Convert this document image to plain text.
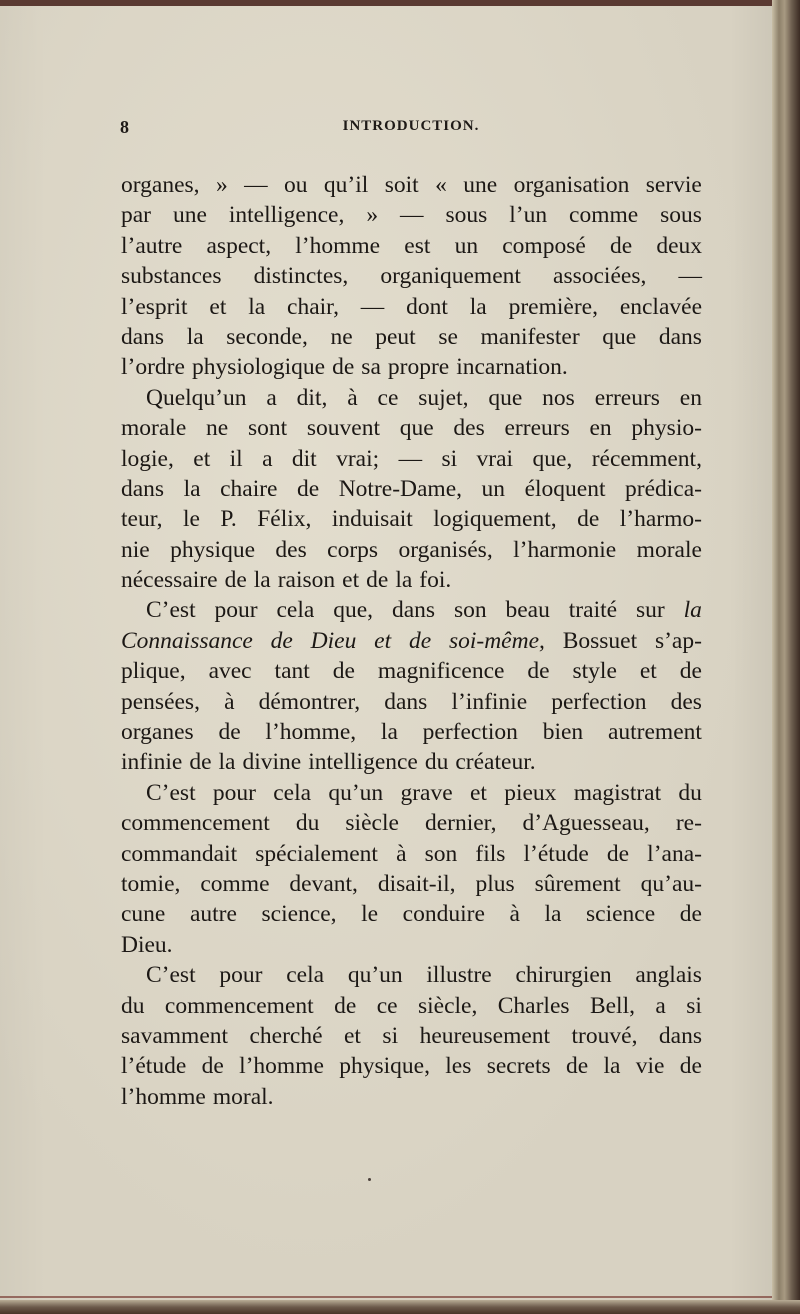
8	INTRODUCTION.
organes, » — ou qu’il soit « une organisation servie
par une intelligence, » — sous l’un comme sous
l’autre aspect, l’homme est un composé de deux
substances distinctes, organiquement associées, —
l’esprit et la chair, — dont la première, enclavée
dans la seconde, ne peut se manifester que dans
l’ordre physiologique de sa propre incarnation.
Quelqu’un a dit, à ce sujet, que nos erreurs en
morale ne sont souvent que des erreurs en physio-
logie, et il a dit vrai; — si vrai que, récemment,
dans la chaire de Notre-Dame, un éloquent prédica-
teur, le P. Félix, induisait logiquement, de l’harmo-
nie physique des corps organisés, l’harmonie morale
nécessaire de la raison et de la foi.
C’est pour cela que, dans son beau traité sur la
Connaissance de Dieu et de soi-même, Bossuet s’ap-
plique, avec tant de magnificence de style et de
pensées, à démontrer, dans l’infinie perfection des
organes de l’homme, la perfection bien autrement
infinie de la divine intelligence du créateur.
C’est pour cela qu’un grave et pieux magistrat du
commencement du siècle dernier, d’Aguesseau, re-
commandait spécialement à son fils l’étude de l’ana-
tomie, comme devant, disait-il, plus sûrement qu’au-
cune autre science, le conduire à la science de
Dieu.
C’est pour cela qu’un illustre chirurgien anglais
du commencement de ce siècle, Charles Bell, a si
savamment cherché et si heureusement trouvé, dans
l’étude de l’homme physique, les secrets de la vie de
l’homme moral.
